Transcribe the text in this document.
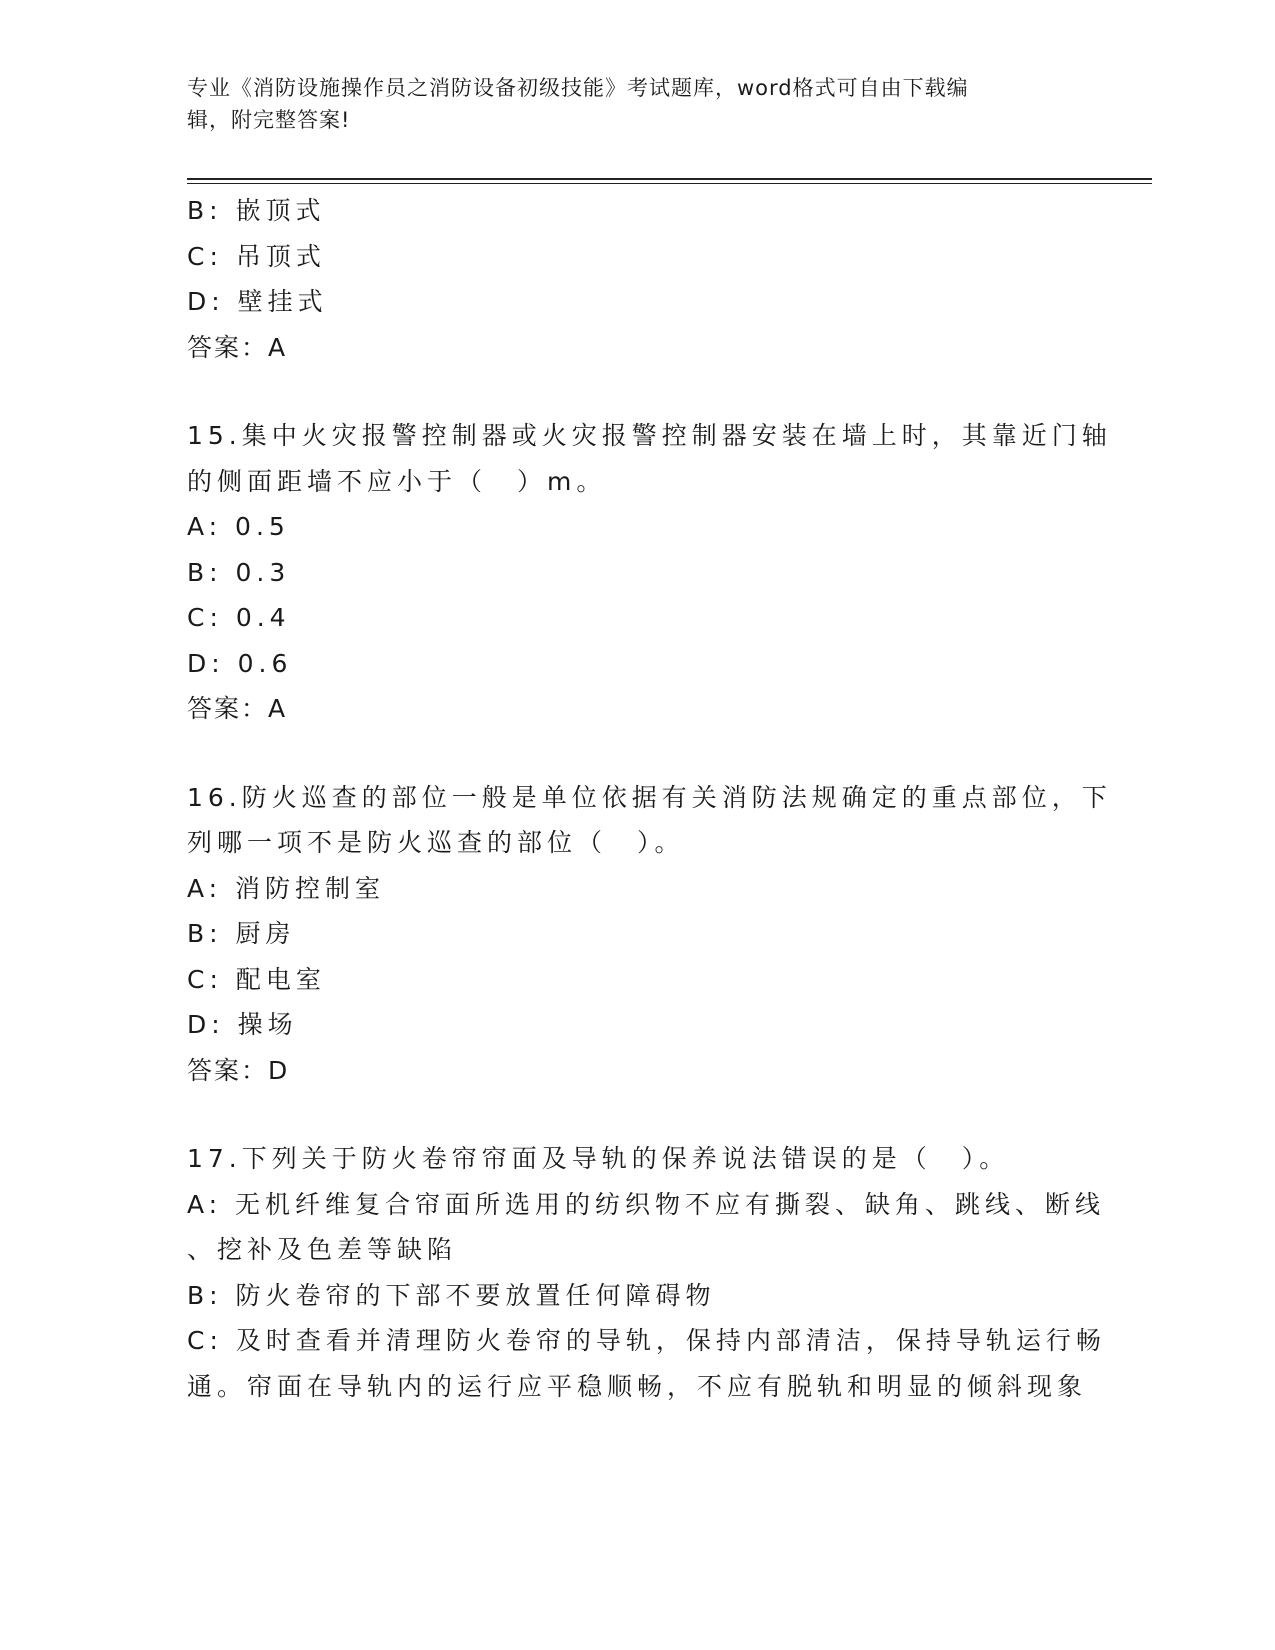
专业《消防设施操作员之消防设备初级技能》考试题库，word格式可自由下载编
辑，附完整答案!
B: 嵌顶式
C: 吊顶式
D: 壁挂式
答案：A
15.集中火灾报警控制器或火灾报警控制器安装在墙上时，其靠近门轴
的侧面距墙不应小于（　）m。
A: 0.5
B: 0.3
C: 0.4
D: 0.6
答案：A
16.防火巡查的部位一般是单位依据有关消防法规确定的重点部位，下
列哪一项不是防火巡查的部位（　）。
A: 消防控制室
B: 厨房
C: 配电室
D: 操场
答案：D
17.下列关于防火卷帘帘面及导轨的保养说法错误的是（　）。
A: 无机纤维复合帘面所选用的纺织物不应有撕裂、缺角、跳线、断线
、挖补及色差等缺陷
B: 防火卷帘的下部不要放置任何障碍物
C: 及时查看并清理防火卷帘的导轨，保持内部清洁，保持导轨运行畅
通。帘面在导轨内的运行应平稳顺畅，不应有脱轨和明显的倾斜现象
